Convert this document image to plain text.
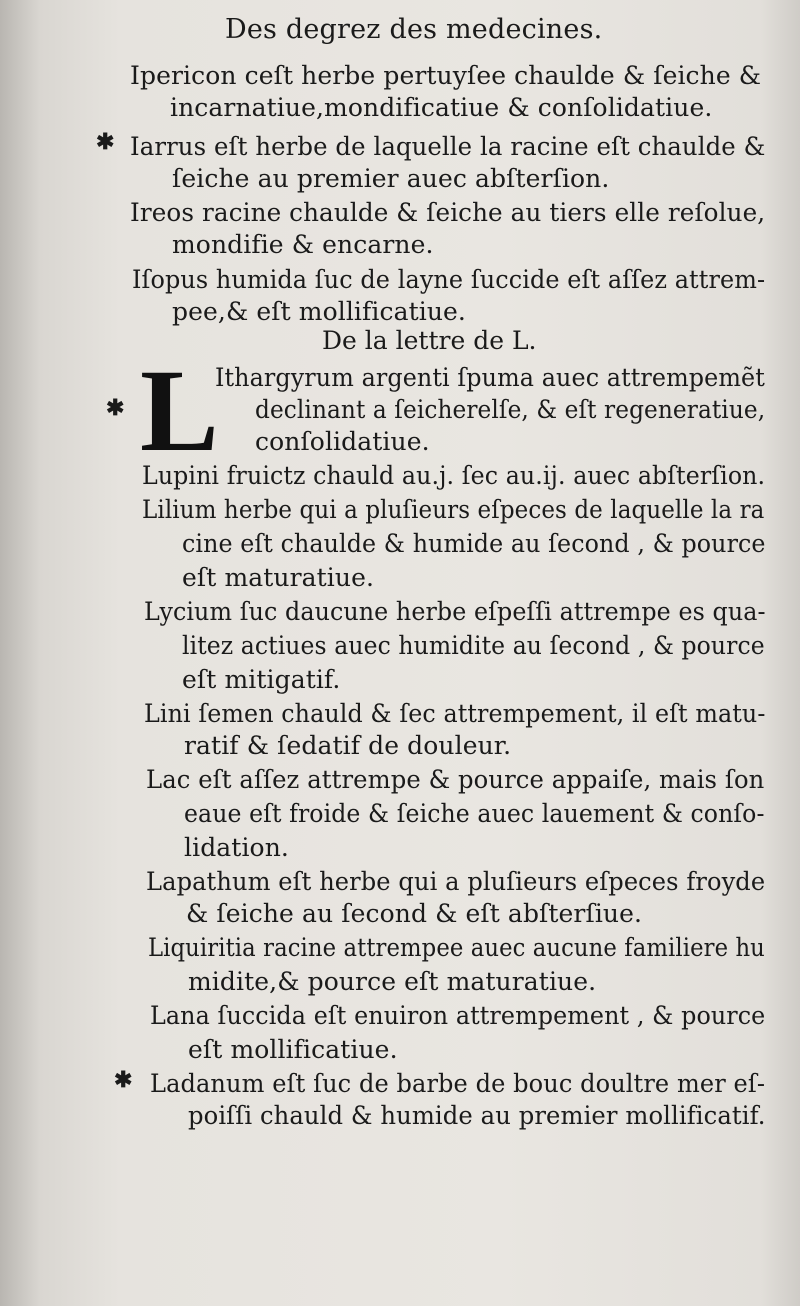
Des degrez des medecines.
Ipericon ceſt herbe pertuyſee chaulde & ſeiche &
incarnatiue,mondificatiue & conſolidatiue.
✱ Iarrus eſt herbe de laquelle la racine eſt chaulde &
ſeiche au premier auec abſterſion.
Ireos racine chaulde & ſeiche au tiers elle reſolue,
mondifie & encarne.
Iſopus humida ſuc de layne ſuccide eſt aſſez attrem-
pee,& eſt mollificatiue.
De la lettre de L.
L
✱
Ithargyrum argenti ſpuma auec attrempemẽt
declinant a ſeicherelſe, & eſt regeneratiue,
conſolidatiue.
Lupini fruictz chauld au.j. ſec au.ij. auec abſterſion.
Lilium herbe qui a pluſieurs eſpeces de laquelle la ra
cine eſt chaulde & humide au ſecond , & pource
eſt maturatiue.
Lycium ſuc daucune herbe eſpeſſi attrempe es qua-
litez actiues auec humidite au ſecond , & pource
eſt mitigatif.
Lini ſemen chauld & ſec attrempement, il eſt matu-
ratif & ſedatif de douleur.
Lac eſt aſſez attrempe & pource appaiſe, mais ſon
eaue eſt froide & ſeiche auec lauement & conſo-
lidation.
Lapathum eſt herbe qui a pluſieurs eſpeces froyde
& ſeiche au ſecond & eſt abſterſiue.
Liquiritia racine attrempee auec aucune familiere hu
midite,& pource eſt maturatiue.
Lana ſuccida eſt enuiron attrempement , & pource
eſt mollificatiue.
✱ Ladanum eſt ſuc de barbe de bouc doultre mer eſ-
poiſſi chauld & humide au premier mollificatif.
